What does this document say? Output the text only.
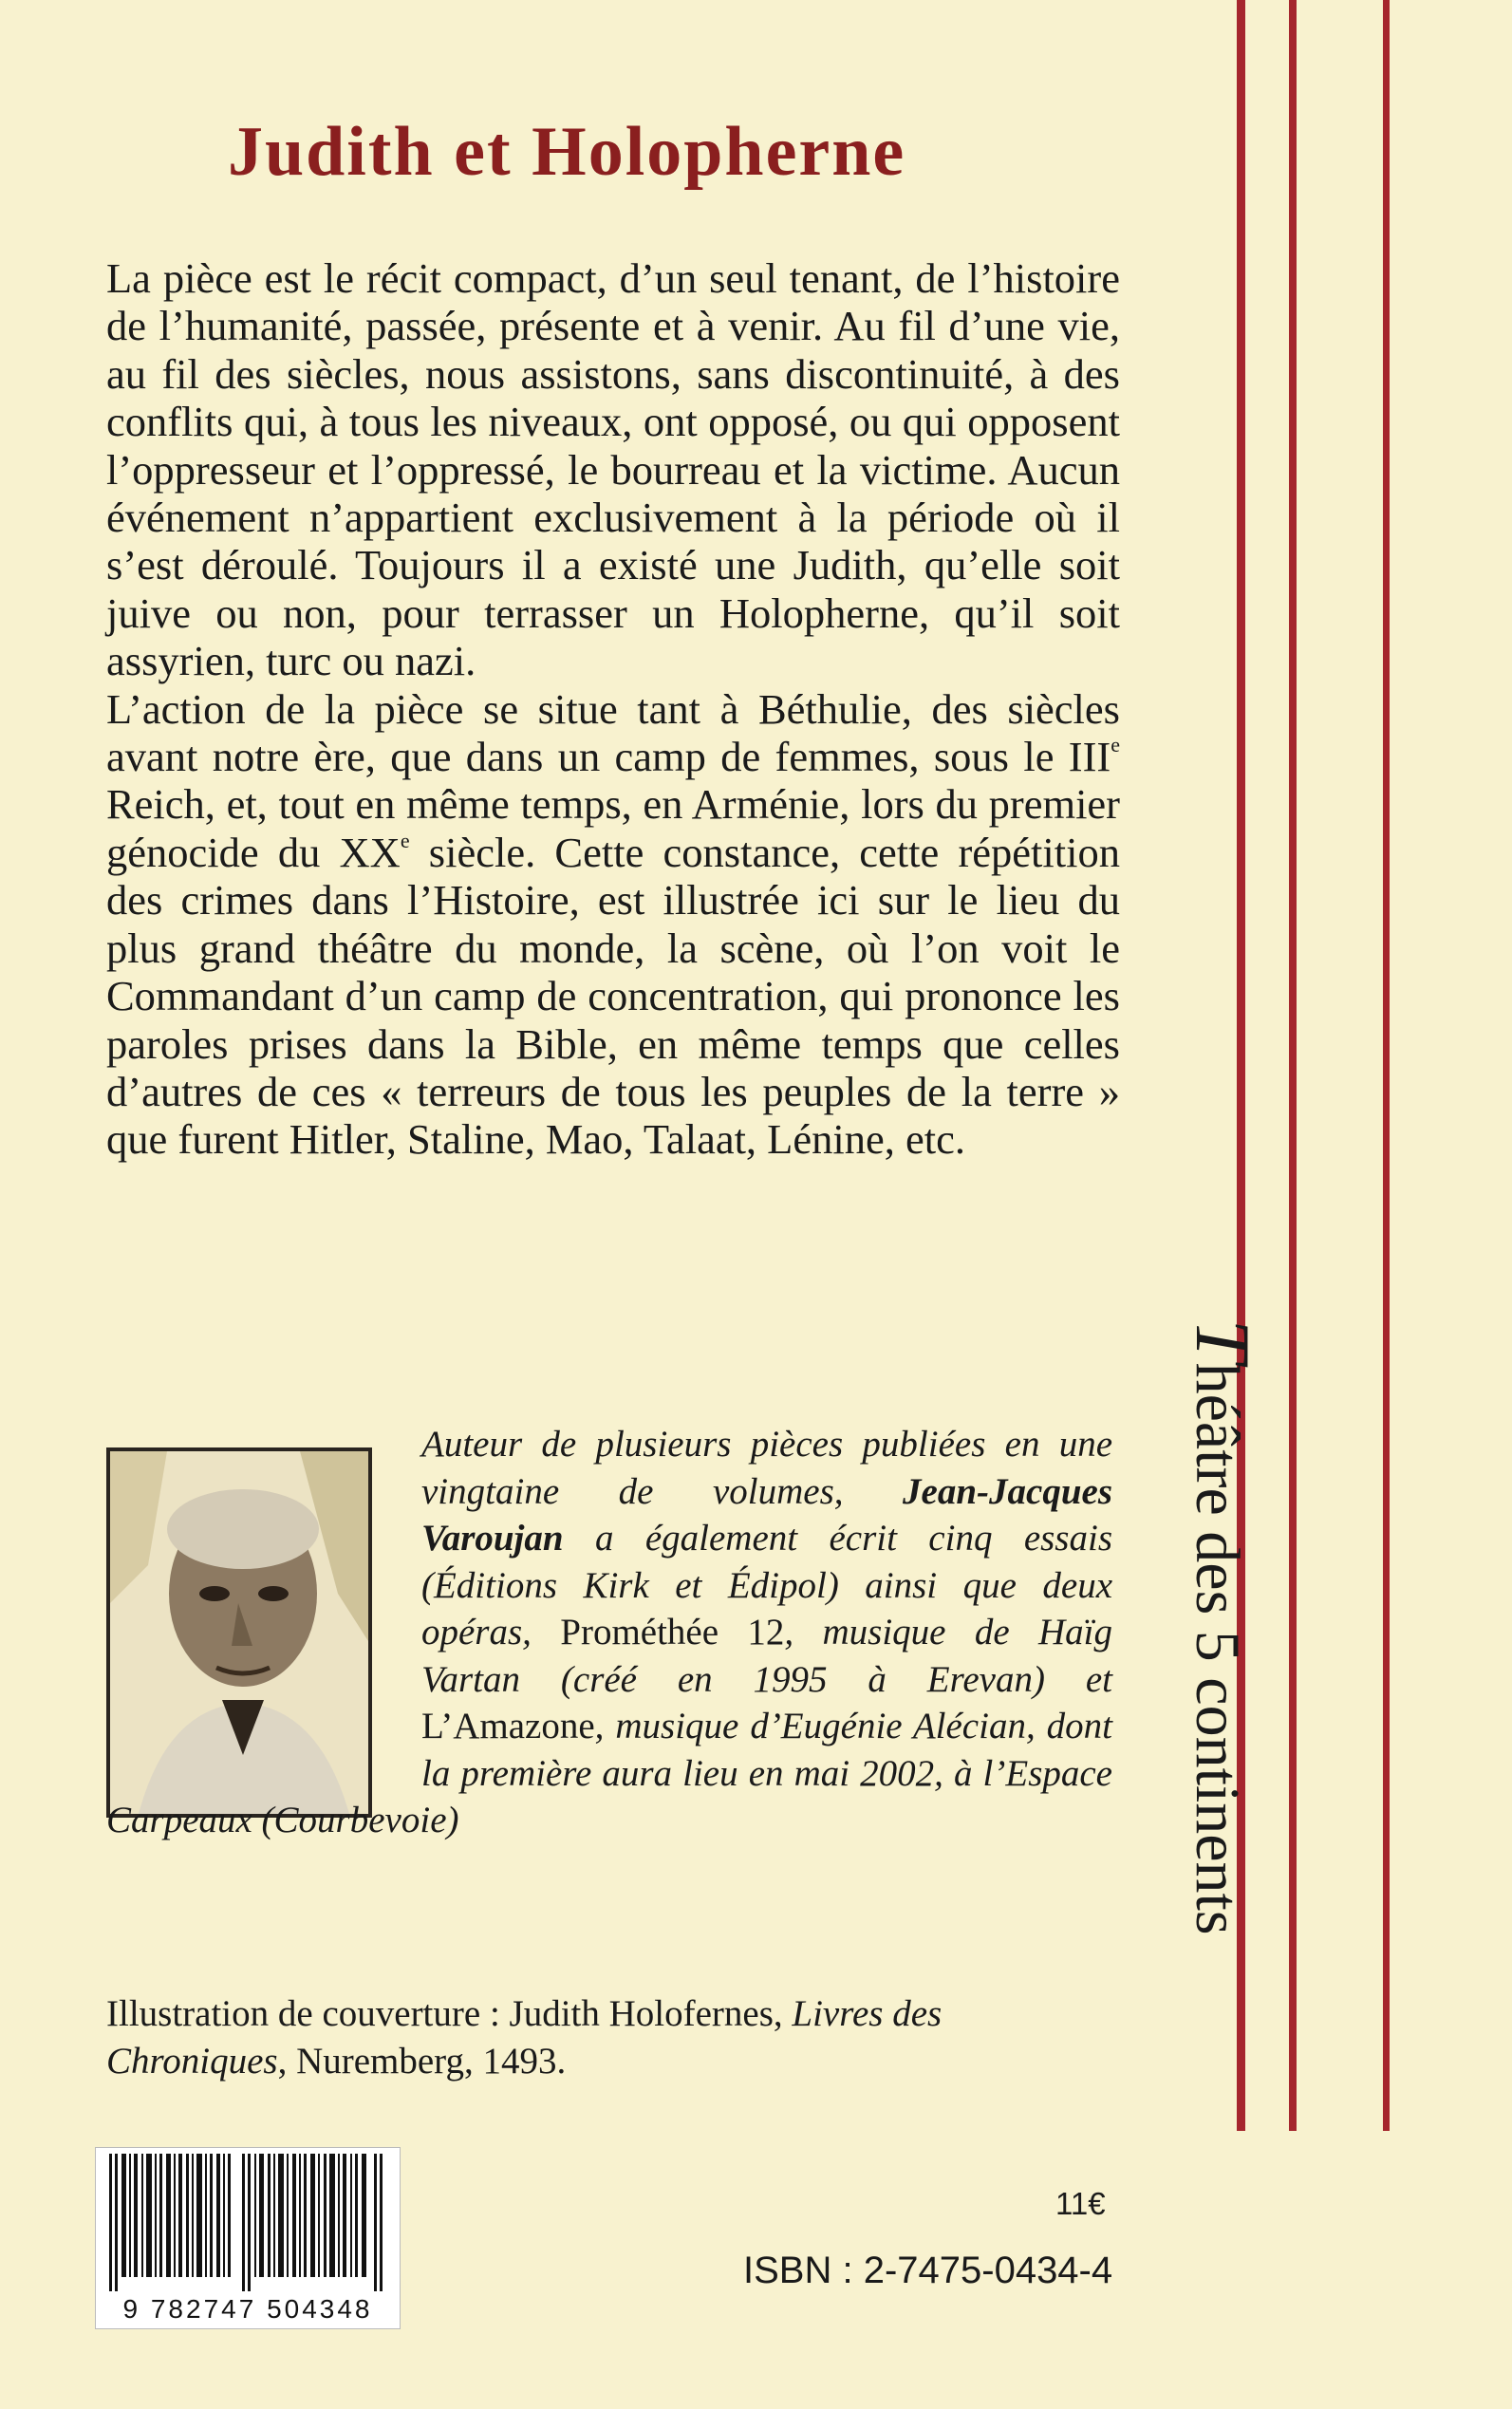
Judith et Holopherne

La pièce est le récit compact, d’un seul tenant, de l’histoire de l’humanité, passée, présente et à venir. Au fil d’une vie, au fil des siècles, nous assistons, sans discontinuité, à des conflits qui, à tous les niveaux, ont opposé, ou qui opposent l’oppresseur et l’oppressé, le bourreau et la victime. Aucun événement n’appartient exclusivement à la période où il s’est déroulé. Toujours il a existé une Judith, qu’elle soit juive ou non, pour terrasser un Holopherne, qu’il soit assyrien, turc ou nazi.

L’action de la pièce se situe tant à Béthulie, des siècles avant notre ère, que dans un camp de femmes, sous le IIIe Reich, et, tout en même temps, en Arménie, lors du premier génocide du XXe siècle. Cette constance, cette répétition des crimes dans l’Histoire, est illustrée ici sur le lieu du plus grand théâtre du monde, la scène, où l’on voit le Commandant d’un camp de concentration, qui prononce les paroles prises dans la Bible, en même temps que celles d’autres de ces « terreurs de tous les peuples de la terre » que furent Hitler, Staline, Mao, Talaat, Lénine, etc.

Auteur de plusieurs pièces publiées en une vingtaine de volumes, Jean-Jacques Varoujan a également écrit cinq essais (Éditions Kirk et Édipol) ainsi que deux opéras, Prométhée 12, musique de Haïg Vartan (créé en 1995 à Erevan) et L’Amazone, musique d’Eugénie Alécian, dont la première aura lieu en mai 2002, à l’Espace Carpeaux (Courbevoie)

Illustration de couverture : Judith Holofernes, Livres des Chroniques, Nuremberg, 1493.

9 782747 504348
11€
ISBN : 2-7475-0434-4
Théâtre des 5 continents
